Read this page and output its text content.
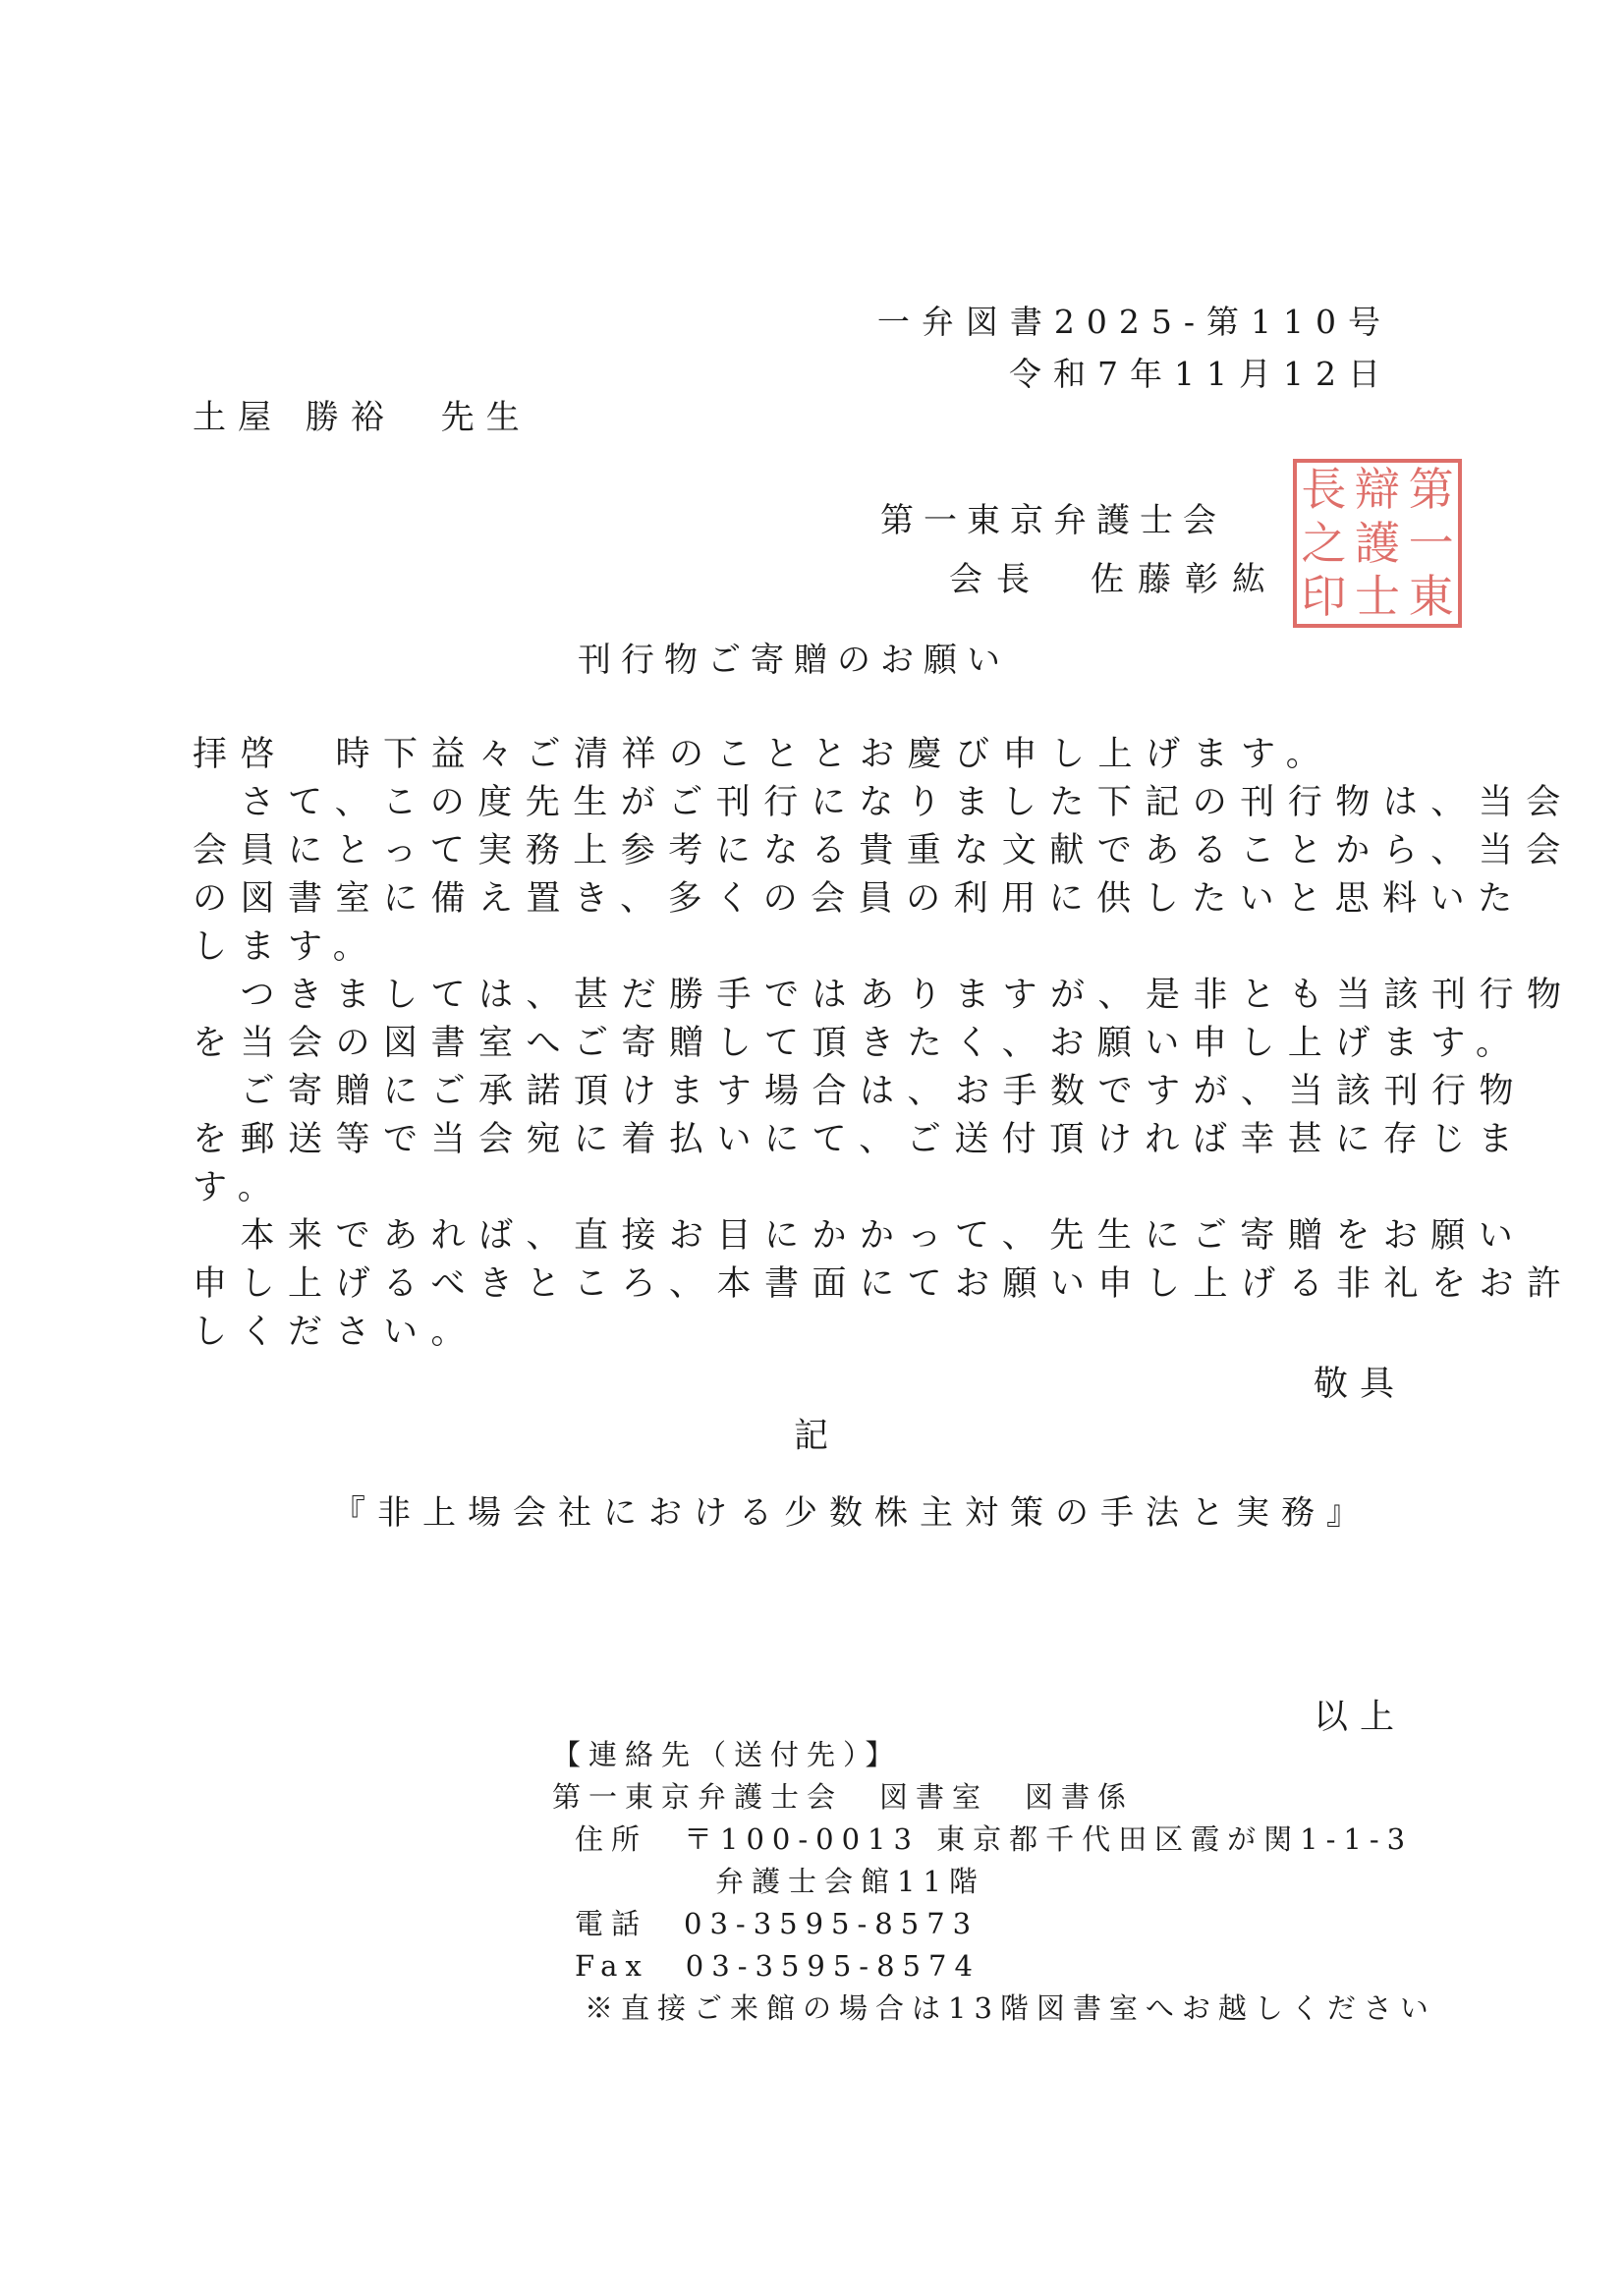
一弁図書2025-第110号
令和7年11月12日
土屋 勝裕　先生
第一東京弁護士会
会長　佐藤彰紘
長 辯 第
之 護 一
印 士 東
刊行物ご寄贈のお願い
拝啓　時下益々ご清祥のこととお慶び申し上げます。
　さて、この度先生がご刊行になりました下記の刊行物は、当会
会員にとって実務上参考になる貴重な文献であることから、当会
の図書室に備え置き、多くの会員の利用に供したいと思料いた
します。
　つきましては、甚だ勝手ではありますが、是非とも当該刊行物
を当会の図書室へご寄贈して頂きたく、お願い申し上げます。
　ご寄贈にご承諾頂けます場合は、お手数ですが、当該刊行物
を郵送等で当会宛に着払いにて、ご送付頂ければ幸甚に存じま
す。
　本来であれば、直接お目にかかって、先生にご寄贈をお願い
申し上げるべきところ、本書面にてお願い申し上げる非礼をお許
しください。
敬具
記
『非上場会社における少数株主対策の手法と実務』
以上
【連絡先（送付先）】
第一東京弁護士会　図書室　図書係
住所　〒100-0013 東京都千代田区霞が関1-1-3
弁護士会館11階
電話　03-3595-8573
Fax　03-3595-8574
※直接ご来館の場合は13階図書室へお越しください
